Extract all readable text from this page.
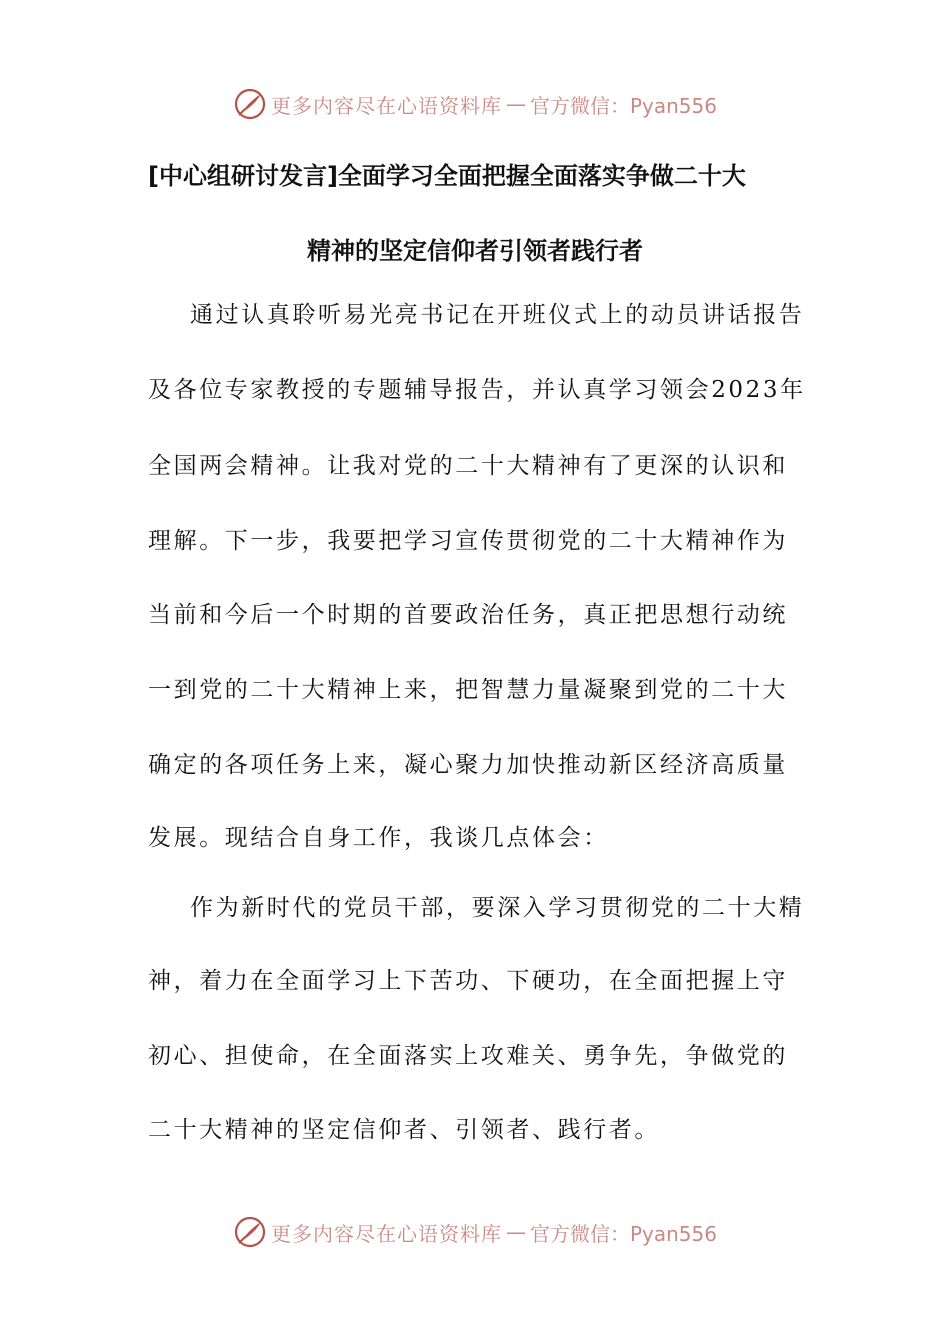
更多内容尽在心语资料库 — 官方微信：Pyan556
[中心组研讨发言]全面学习全面把握全面落实争做二十大
精神的坚定信仰者引领者践行者
通过认真聆听易光亮书记在开班仪式上的动员讲话报告
及各位专家教授的专题辅导报告，并认真学习领会2023年
全国两会精神。让我对党的二十大精神有了更深的认识和
理解。下一步，我要把学习宣传贯彻党的二十大精神作为
当前和今后一个时期的首要政治任务，真正把思想行动统
一到党的二十大精神上来，把智慧力量凝聚到党的二十大
确定的各项任务上来，凝心聚力加快推动新区经济高质量
发展。现结合自身工作，我谈几点体会：
作为新时代的党员干部，要深入学习贯彻党的二十大精
神，着力在全面学习上下苦功、下硬功，在全面把握上守
初心、担使命，在全面落实上攻难关、勇争先，争做党的
二十大精神的坚定信仰者、引领者、践行者。
更多内容尽在心语资料库 — 官方微信：Pyan556
